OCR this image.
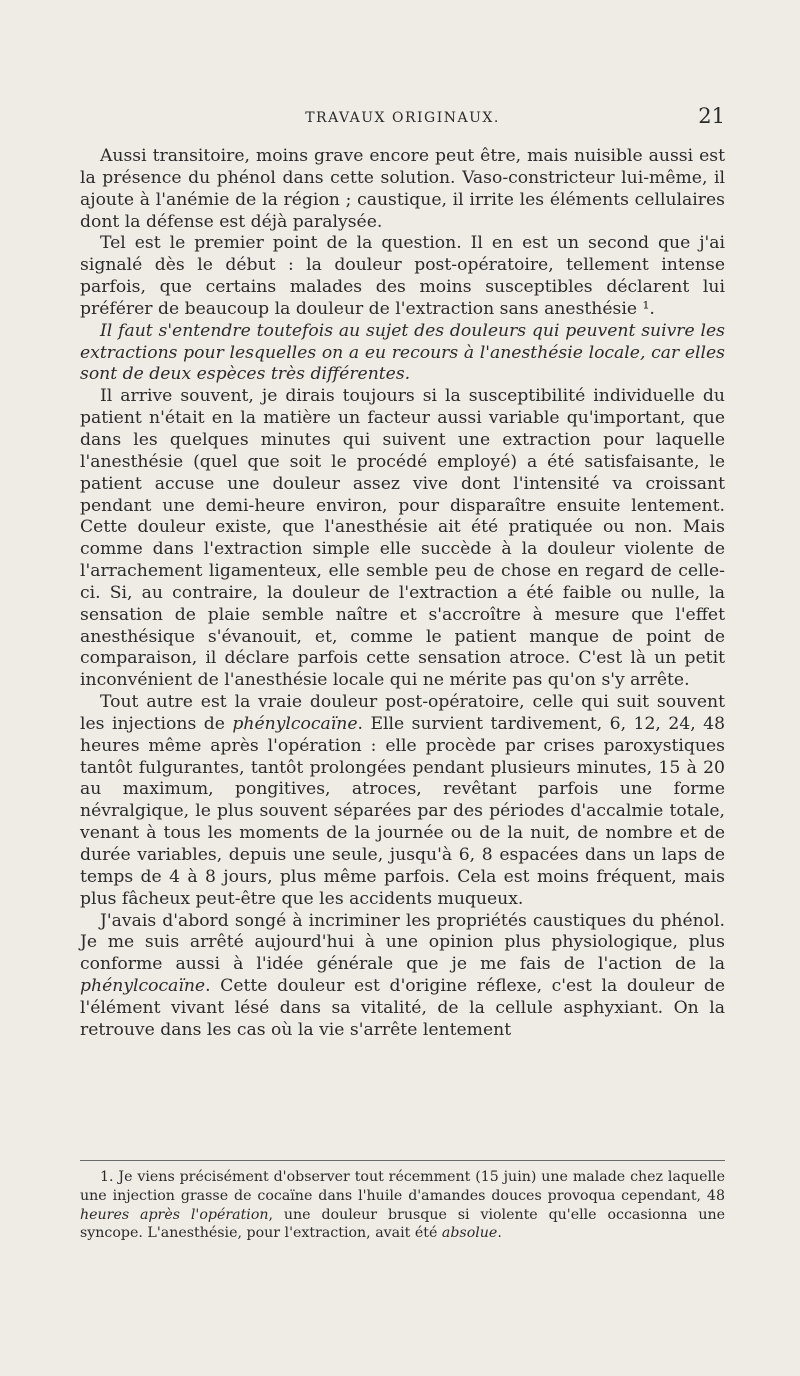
TRAVAUX ORIGINAUX.	21

Aussi transitoire, moins grave encore peut être, mais nuisible aussi est la présence du phénol dans cette solution. Vaso-constricteur lui-même, il ajoute à l'anémie de la région ; caustique, il irrite les éléments cellulaires dont la défense est déjà paralysée.

Tel est le premier point de la question. Il en est un second que j'ai signalé dès le début : la douleur post-opératoire, tellement intense parfois, que certains malades des moins susceptibles déclarent lui préférer de beaucoup la douleur de l'extraction sans anesthésie ¹.

Il faut s'entendre toutefois au sujet des douleurs qui peuvent suivre les extractions pour lesquelles on a eu recours à l'anesthésie locale, car elles sont de deux espèces très différentes.

Il arrive souvent, je dirais toujours si la susceptibilité individuelle du patient n'était en la matière un facteur aussi variable qu'important, que dans les quelques minutes qui suivent une extraction pour laquelle l'anesthésie (quel que soit le procédé employé) a été satisfaisante, le patient accuse une douleur assez vive dont l'intensité va croissant pendant une demi-heure environ, pour disparaître ensuite lentement. Cette douleur existe, que l'anesthésie ait été pratiquée ou non. Mais comme dans l'extraction simple elle succède à la douleur violente de l'arrachement ligamenteux, elle semble peu de chose en regard de celle-ci. Si, au contraire, la douleur de l'extraction a été faible ou nulle, la sensation de plaie semble naître et s'accroître à mesure que l'effet anesthésique s'évanouit, et, comme le patient manque de point de comparaison, il déclare parfois cette sensation atroce. C'est là un petit inconvénient de l'anesthésie locale qui ne mérite pas qu'on s'y arrête.

Tout autre est la vraie douleur post-opératoire, celle qui suit souvent les injections de phénylcocaïne. Elle survient tardivement, 6, 12, 24, 48 heures même après l'opération : elle procède par crises paroxystiques tantôt fulgurantes, tantôt prolongées pendant plusieurs minutes, 15 à 20 au maximum, pongitives, atroces, revêtant parfois une forme névralgique, le plus souvent séparées par des périodes d'accalmie totale, venant à tous les moments de la journée ou de la nuit, de nombre et de durée variables, depuis une seule, jusqu'à 6, 8 espacées dans un laps de temps de 4 à 8 jours, plus même parfois. Cela est moins fréquent, mais plus fâcheux peut-être que les accidents muqueux.

J'avais d'abord songé à incriminer les propriétés caustiques du phénol. Je me suis arrêté aujourd'hui à une opinion plus physiologique, plus conforme aussi à l'idée générale que je me fais de l'action de la phénylcocaïne. Cette douleur est d'origine réflexe, c'est la douleur de l'élément vivant lésé dans sa vitalité, de la cellule asphyxiant. On la retrouve dans les cas où la vie s'arrête lentement

1. Je viens précisément d'observer tout récemment (15 juin) une malade chez laquelle une injection grasse de cocaïne dans l'huile d'amandes douces provoqua cependant, 48 heures après l'opération, une douleur brusque si violente qu'elle occasionna une syncope. L'anesthésie, pour l'extraction, avait été absolue.
